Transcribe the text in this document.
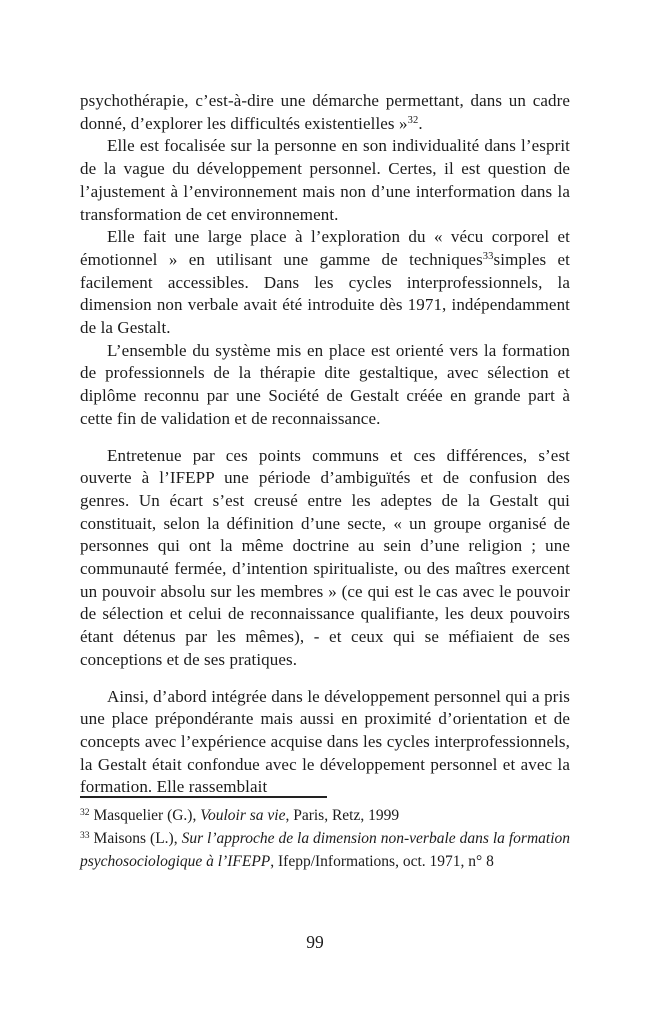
psychothérapie, c’est-à-dire une démarche permettant, dans un cadre donné, d’explorer les difficultés existentielles »$^{32}$.

Elle est focalisée sur la personne en son individualité dans l’esprit de la vague du développement personnel. Certes, il est question de l’ajustement à l’environnement mais non d’une interformation dans la transformation de cet environnement.

Elle fait une large place à l’exploration du « vécu corporel et émotionnel » en utilisant une gamme de techniques$^{33}$simples et facilement accessibles. Dans les cycles interprofessionnels, la dimension non verbale avait été introduite dès 1971, indépendamment de la Gestalt.

L’ensemble du système mis en place est orienté vers la formation de professionnels de la thérapie dite gestaltique, avec sélection et diplôme reconnu par une Société de Gestalt créée en grande part à cette fin de validation et de reconnaissance.

Entretenue par ces points communs et ces différences, s’est ouverte à l’IFEPP une période d’ambiguïtés et de confusion des genres. Un écart s’est creusé entre les adeptes de la Gestalt qui constituait, selon la définition d’une secte, « un groupe organisé de personnes qui ont la même doctrine au sein d’une religion ; une communauté fermée, d’intention spiritualiste, ou des maîtres exercent un pouvoir absolu sur les membres » (ce qui est le cas avec le pouvoir de sélection et celui de reconnaissance qualifiante, les deux pouvoirs étant détenus par les mêmes), - et ceux qui se méfiaient de ses conceptions et de ses pratiques.

Ainsi, d’abord intégrée dans le développement personnel qui a pris une place prépondérante mais aussi en proximité d’orientation et de concepts avec l’expérience acquise dans les cycles interprofessionnels, la Gestalt était confondue avec le développement personnel et avec la formation. Elle rassemblait

$^{32}$ Masquelier (G.), Vouloir sa vie, Paris, Retz, 1999

$^{33}$ Maisons (L.), Sur l’approche de la dimension non-verbale dans la formation psychosociologique à l’IFEPP, Ifepp/Informations, oct. 1971, n° 8

99
